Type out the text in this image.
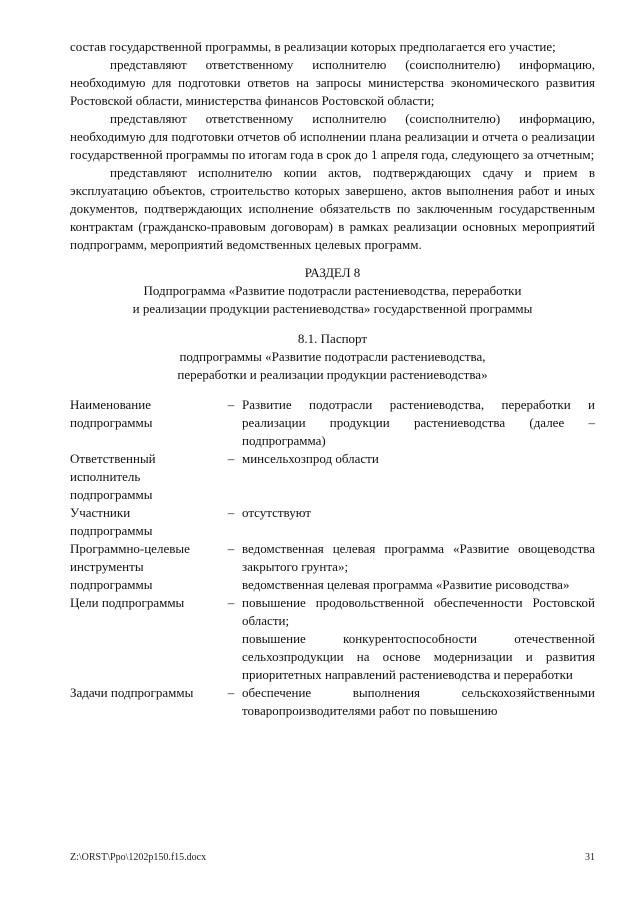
состав государственной программы, в реализации которых предполагается его участие;

представляют ответственному исполнителю (соисполнителю) информацию, необходимую для подготовки ответов на запросы министерства экономического развития Ростовской области, министерства финансов Ростовской области;

представляют ответственному исполнителю (соисполнителю) информацию, необходимую для подготовки отчетов об исполнении плана реализации и отчета о реализации государственной программы по итогам года в срок до 1 апреля года, следующего за отчетным;

представляют исполнителю копии актов, подтверждающих сдачу и прием в эксплуатацию объектов, строительство которых завершено, актов выполнения работ и иных документов, подтверждающих исполнение обязательств по заключенным государственным контрактам (гражданско-правовым договорам) в рамках реализации основных мероприятий подпрограмм, мероприятий ведомственных целевых программ.

РАЗДЕЛ 8

Подпрограмма «Развитие подотрасли растениеводства, переработки

и реализации продукции растениеводства» государственной программы

8.1. Паспорт

подпрограммы «Развитие подотрасли растениеводства,

переработки и реализации продукции растениеводства»

Наименование
подпрограммы
– Развитие подотрасли растениеводства, переработки и реализации продукции растениеводства (далее – подпрограмма)

Ответственный
исполнитель
подпрограммы
– минсельхозпрод области

Участники
подпрограммы
– отсутствуют

Программно-целевые
инструменты
подпрограммы
– ведомственная целевая программа «Развитие овощеводства закрытого грунта»;

ведомственная целевая программа «Развитие рисоводства»

Цели подпрограммы	– повышение продовольственной обеспеченности Ростовской области;

повышение конкурентоспособности отечественной сельхозпродукции на основе модернизации и развития приоритетных направлений растениеводства и переработки

Задачи подпрограммы	– обеспечение выполнения сельскохозяйственными товаропроизводителями работ по повышению

Z:\ORST\Ppo\1202p150.f15.docx	31
